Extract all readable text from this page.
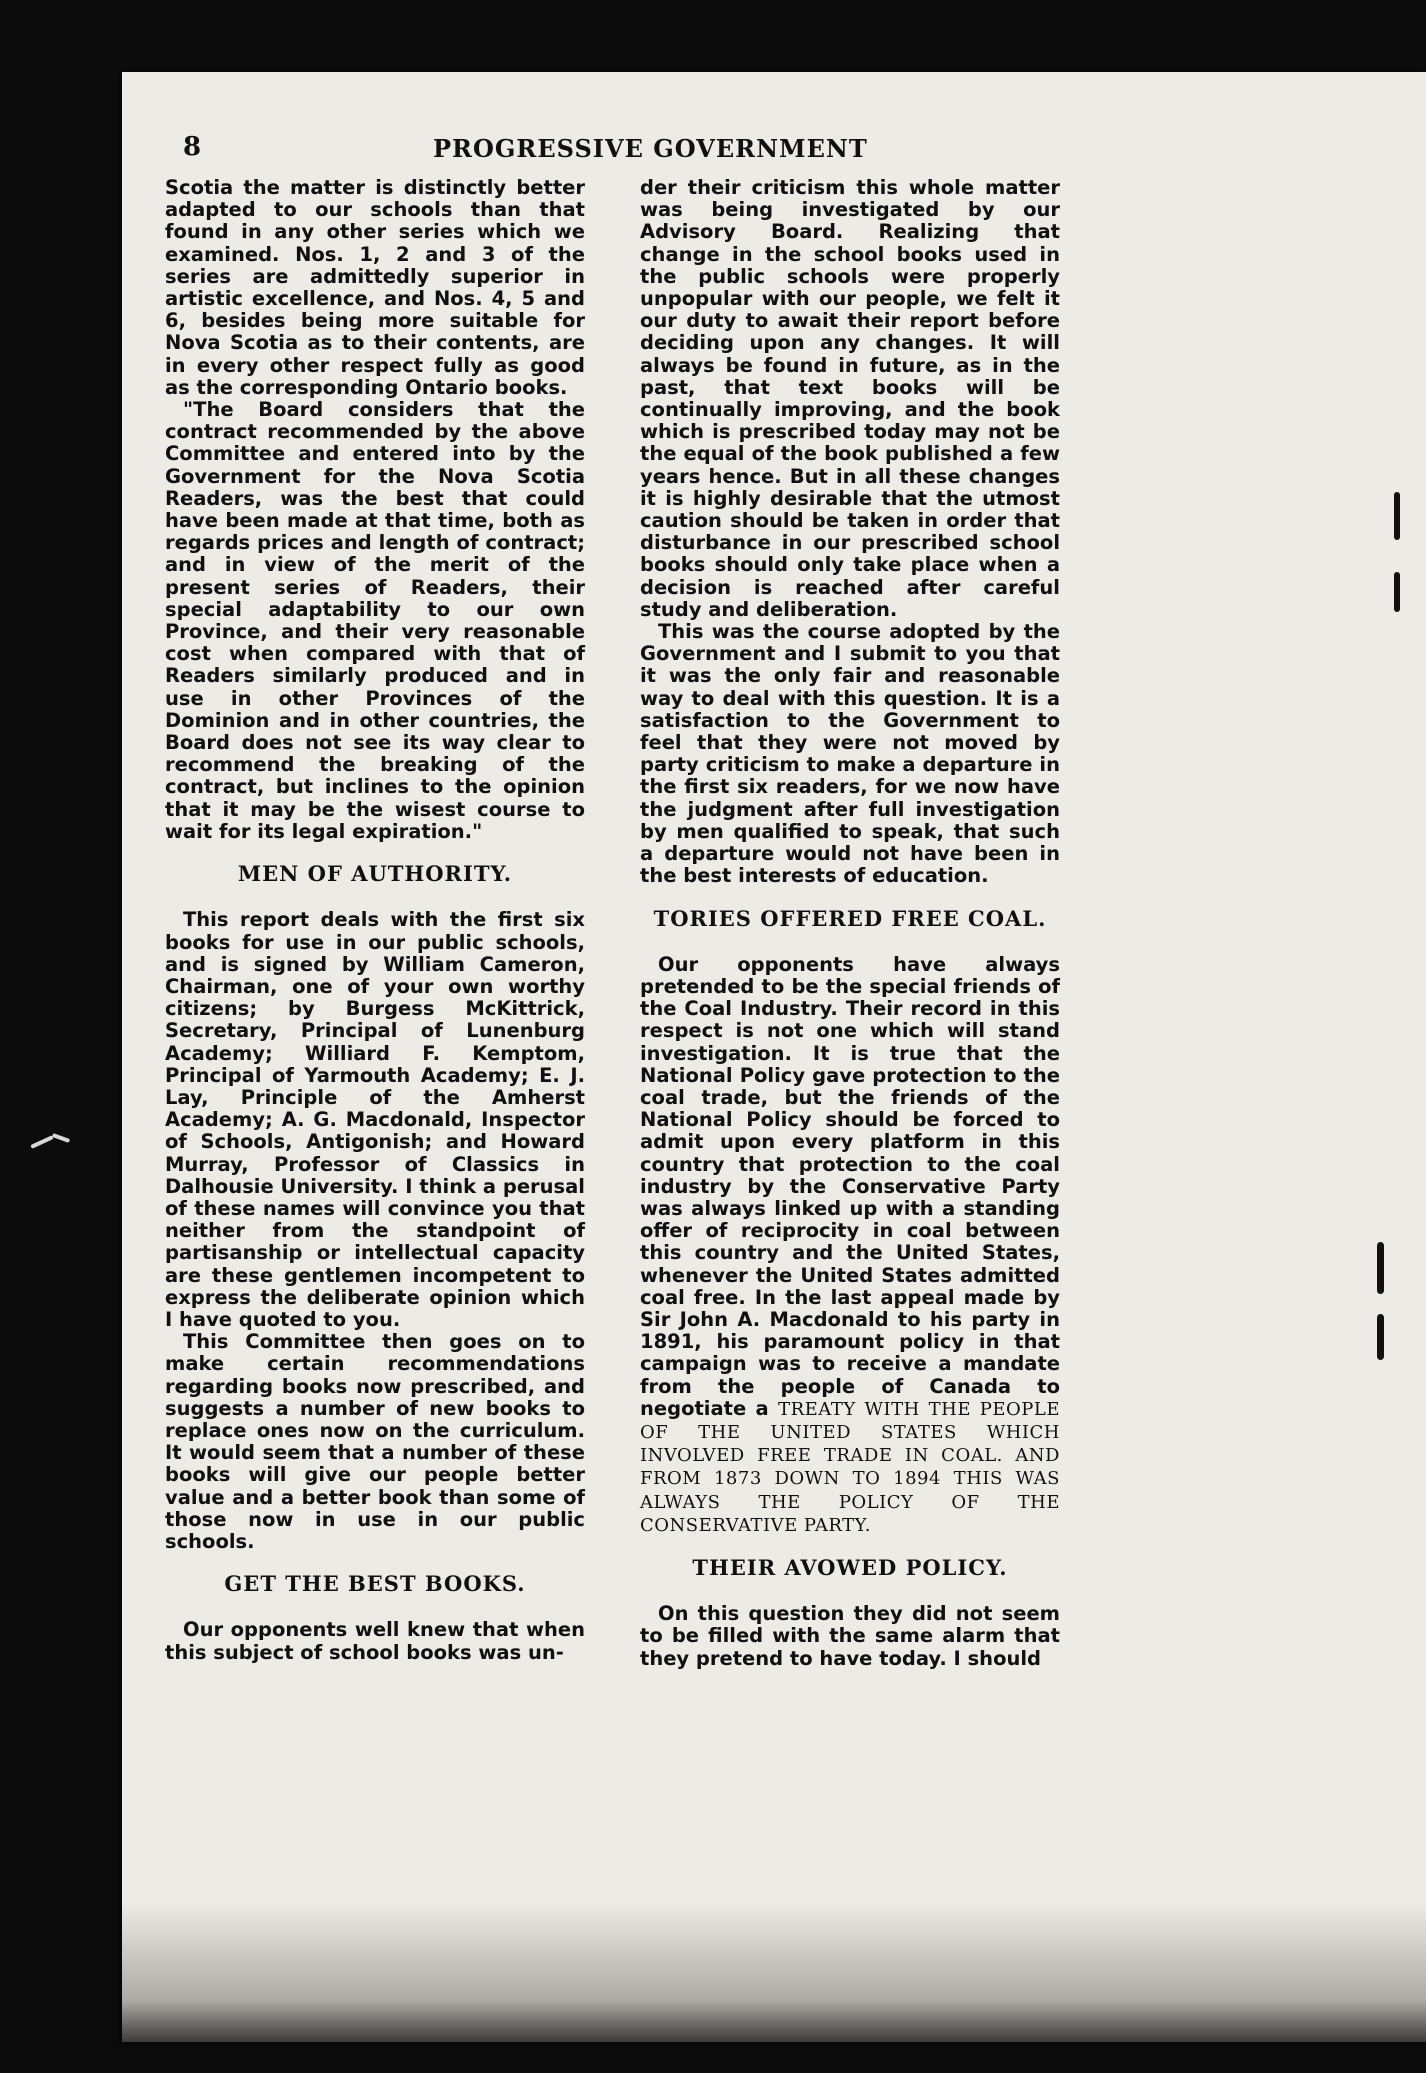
8	PROGRESSIVE GOVERNMENT

Scotia the matter is distinctly better adapted to our schools than that found in any other series which we examined. Nos. 1, 2 and 3 of the series are admittedly superior in artistic excellence, and Nos. 4, 5 and 6, besides being more suitable for Nova Scotia as to their contents, are in every other respect fully as good as the corresponding Ontario books.

"The Board considers that the contract recommended by the above Committee and entered into by the Government for the Nova Scotia Readers, was the best that could have been made at that time, both as regards prices and length of contract; and in view of the merit of the present series of Readers, their special adaptability to our own Province, and their very reasonable cost when compared with that of Readers similarly produced and in use in other Provinces of the Dominion and in other countries, the Board does not see its way clear to recommend the breaking of the contract, but inclines to the opinion that it may be the wisest course to wait for its legal expiration."

MEN OF AUTHORITY.

This report deals with the first six books for use in our public schools, and is signed by William Cameron, Chairman, one of your own worthy citizens; by Burgess McKittrick, Secretary, Principal of Lunenburg Academy; Williard F. Kemptom, Principal of Yarmouth Academy; E. J. Lay, Principle of the Amherst Academy; A. G. Macdonald, Inspector of Schools, Antigonish; and Howard Murray, Professor of Classics in Dalhousie University. I think a perusal of these names will convince you that neither from the standpoint of partisanship or intellectual capacity are these gentlemen incompetent to express the deliberate opinion which I have quoted to you.

This Committee then goes on to make certain recommendations regarding books now prescribed, and suggests a number of new books to replace ones now on the curriculum. It would seem that a number of these books will give our people better value and a better book than some of those now in use in our public schools.

GET THE BEST BOOKS.

Our opponents well knew that when this subject of school books was un-

der their criticism this whole matter was being investigated by our Advisory Board. Realizing that change in the school books used in the public schools were properly unpopular with our people, we felt it our duty to await their report before deciding upon any changes. It will always be found in future, as in the past, that text books will be continually improving, and the book which is prescribed today may not be the equal of the book published a few years hence. But in all these changes it is highly desirable that the utmost caution should be taken in order that disturbance in our prescribed school books should only take place when a decision is reached after careful study and deliberation.

This was the course adopted by the Government and I submit to you that it was the only fair and reasonable way to deal with this question. It is a satisfaction to the Government to feel that they were not moved by party criticism to make a departure in the first six readers, for we now have the judgment after full investigation by men qualified to speak, that such a departure would not have been in the best interests of education.

TORIES OFFERED FREE COAL.

Our opponents have always pretended to be the special friends of the Coal Industry. Their record in this respect is not one which will stand investigation. It is true that the National Policy gave protection to the coal trade, but the friends of the National Policy should be forced to admit upon every platform in this country that protection to the coal industry by the Conservative Party was always linked up with a standing offer of reciprocity in coal between this country and the United States, whenever the United States admitted coal free. In the last appeal made by Sir John A. Macdonald to his party in 1891, his paramount policy in that campaign was to receive a mandate from the people of Canada to negotiate a TREATY WITH THE PEOPLE OF THE UNITED STATES WHICH INVOLVED FREE TRADE IN COAL. AND FROM 1873 DOWN TO 1894 THIS WAS ALWAYS THE POLICY OF THE CONSERVATIVE PARTY.

THEIR AVOWED POLICY.

On this question they did not seem to be filled with the same alarm that they pretend to have today. I should
